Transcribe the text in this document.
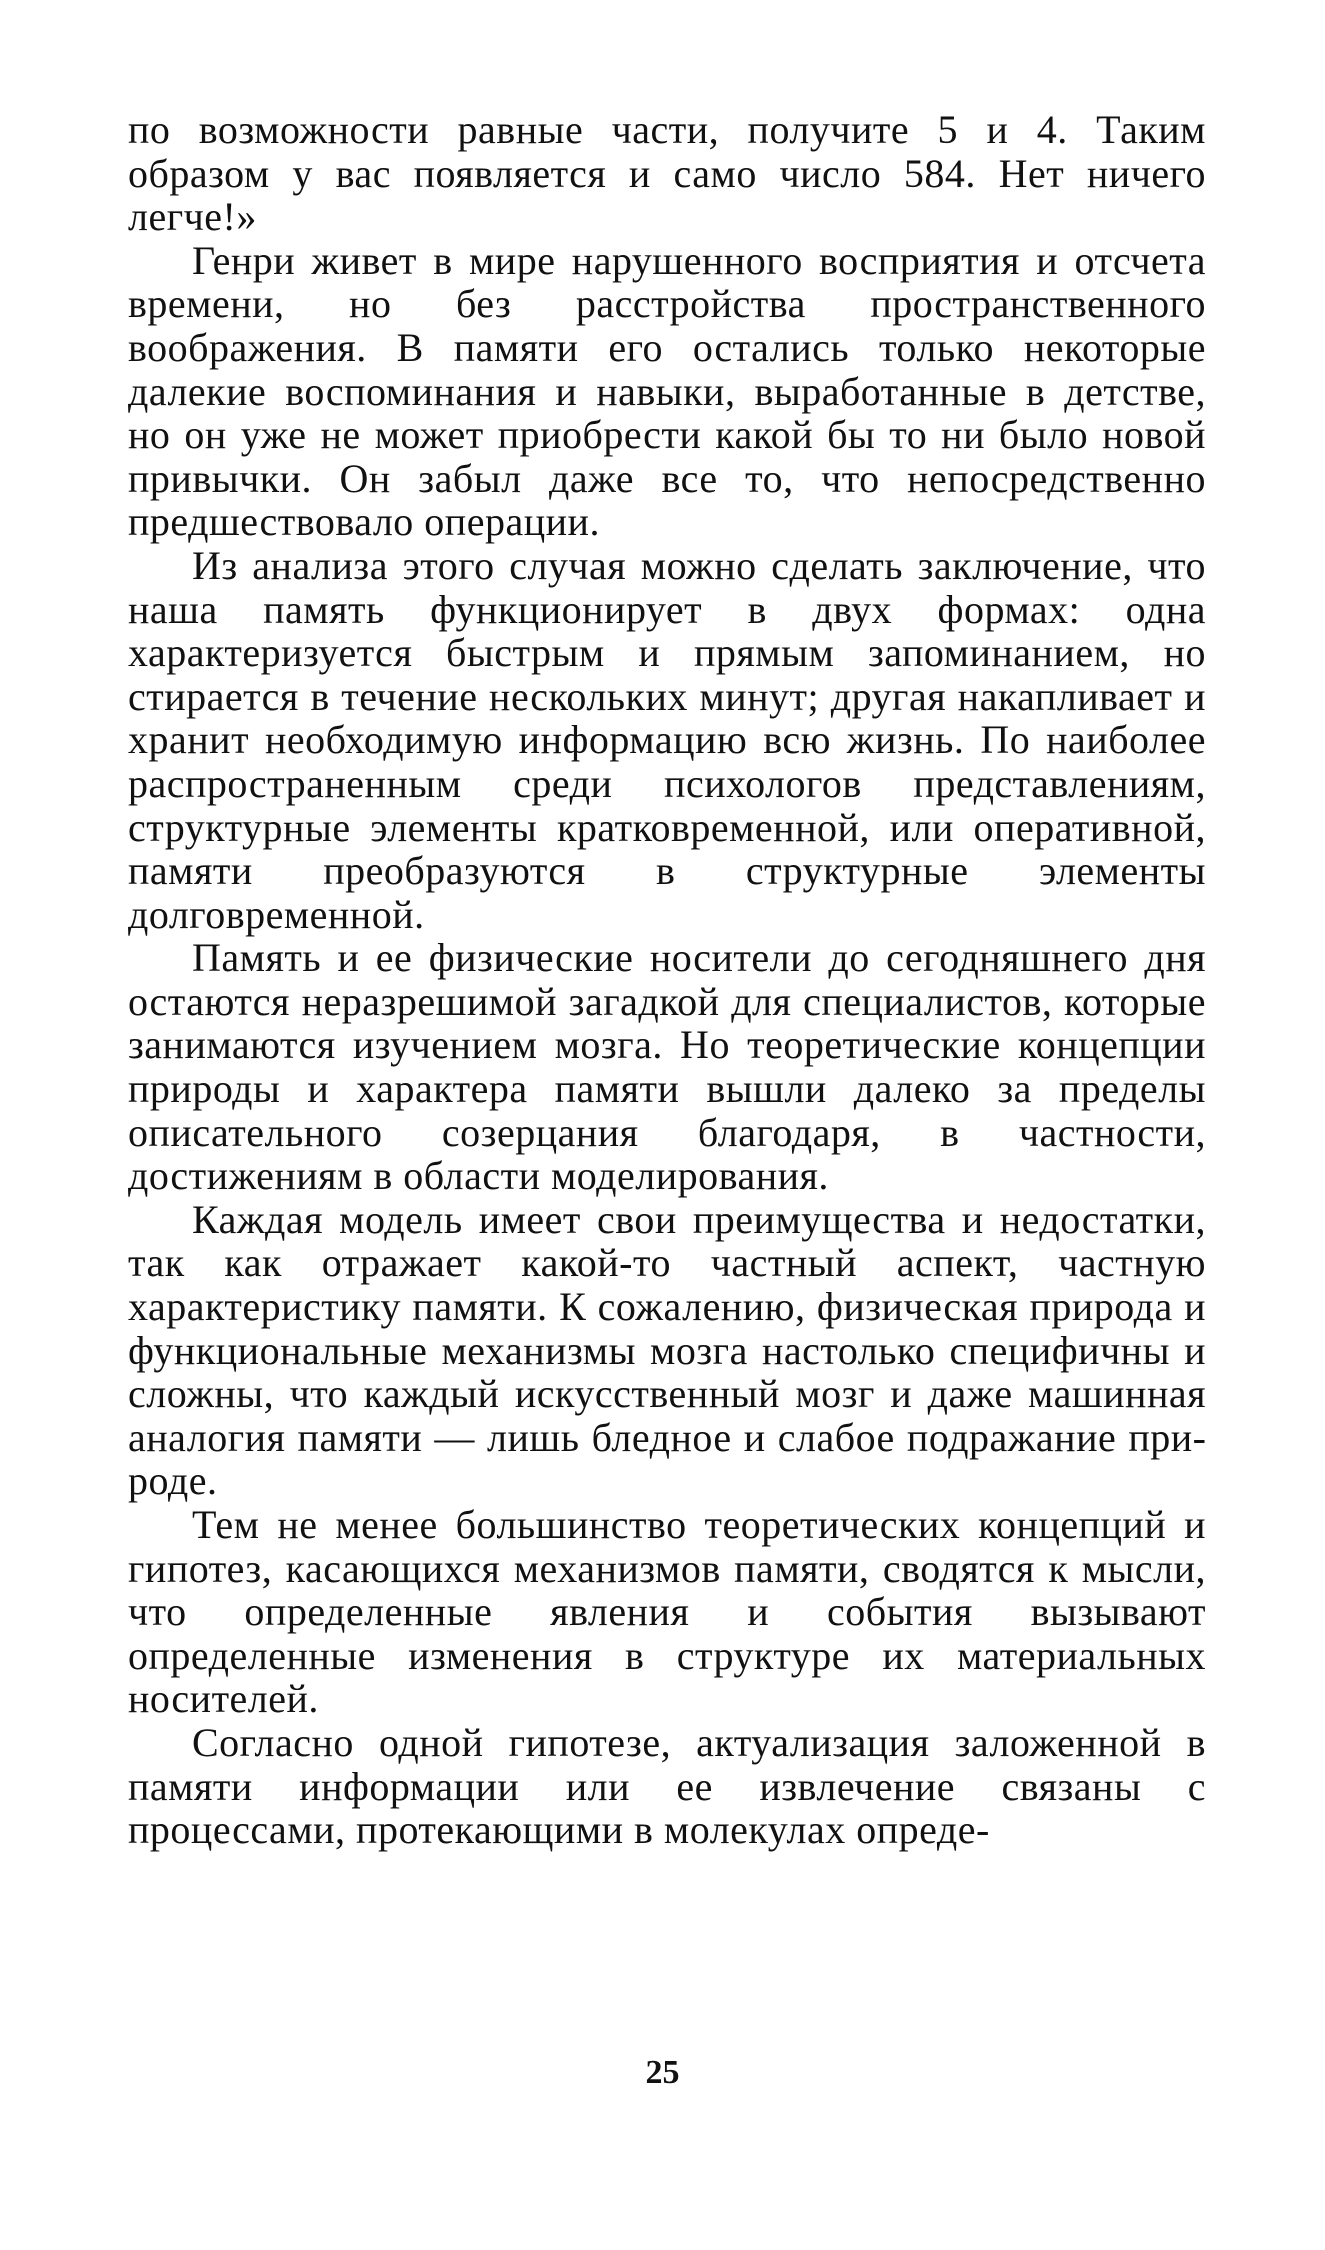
по возможности равные части, получите 5 и 4. Таким образом у вас появляется и само число 584. Нет ничего легче!»

Генри живет в мире нарушенного восприятия и отсчета времени, но без расстройства пространственного воображения. В памяти его остались только некоторые далекие воспоминания и навыки, выработанные в детстве, но он уже не может приобрести какой бы то ни было новой привычки. Он забыл даже все то, что непосредственно предшествовало операции.

Из анализа этого случая можно сделать заключение, что наша память функционирует в двух формах: одна характеризуется быстрым и прямым запоминанием, но стирается в течение нескольких минут; другая накапливает и хранит необходимую информацию всю жизнь. По наиболее распространенным среди психологов представлениям, структурные элементы кратковременной, или оперативной, памяти преобразуются в структурные элементы долговременной.

Память и ее физические носители до сегодняшнего дня остаются неразрешимой загадкой для специалистов, которые занимаются изучением мозга. Но теоретические концепции природы и характера памяти вышли далеко за пределы описательного созерцания благодаря, в частности, достижениям в области моделирования.

Каждая модель имеет свои преимущества и недостатки, так как отражает какой-то частный аспект, частную характеристику памяти. К сожалению, физическая природа и функциональные механизмы мозга настолько специфичны и сложны, что каждый искусственный мозг и даже машинная аналогия памяти — лишь бледное и слабое подражание природе.

Тем не менее большинство теоретических концепций и гипотез, касающихся механизмов памяти, сводятся к мысли, что определенные явления и события вызывают определенные изменения в структуре их материальных носителей.

Согласно одной гипотезе, актуализация заложенной в памяти информации или ее извлечение связаны с процессами, протекающими в молекулах опреде-

25
